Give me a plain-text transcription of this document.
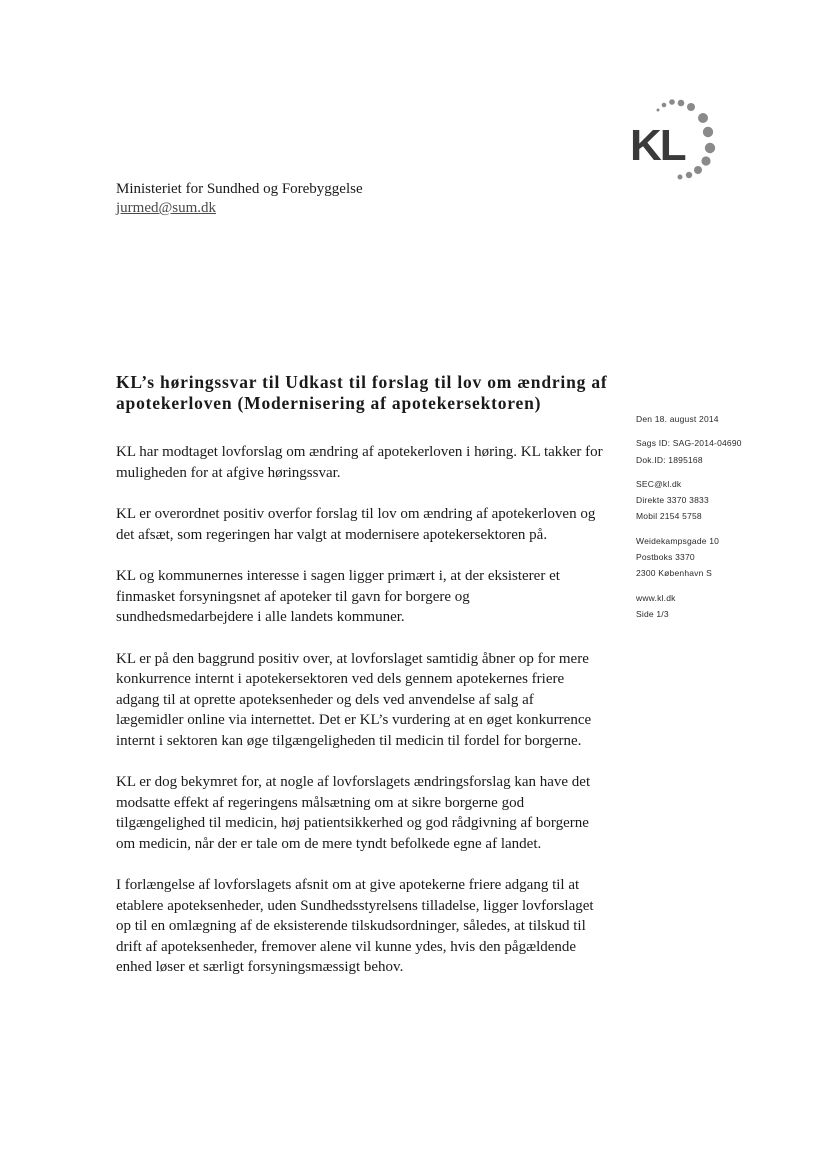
KL
Ministeriet for Sundhed og Forebyggelse
jurmed@sum.dk
KL’s høringssvar til Udkast til forslag til lov om ændring af apotekerloven (Modernisering af apotekersektoren)

KL har modtaget lovforslag om ændring af apotekerloven i høring. KL takker for muligheden for at afgive høringssvar.

KL er overordnet positiv overfor forslag til lov om ændring af apotekerloven og det afsæt, som regeringen har valgt at modernisere apotekersektoren på.

KL og kommunernes interesse i sagen ligger primært i, at der eksisterer et finmasket forsyningsnet af apoteker til gavn for borgere og sundhedsmedarbejdere i alle landets kommuner.

KL er på den baggrund positiv over, at lovforslaget samtidig åbner op for mere konkurrence internt i apotekersektoren ved dels gennem apotekernes friere adgang til at oprette apoteksenheder og dels ved anvendelse af salg af lægemidler online via internettet. Det er KL’s vurdering at en øget konkurrence internt i sektoren kan øge tilgængeligheden til medicin til fordel for borgerne.

KL er dog bekymret for, at nogle af lovforslagets ændringsforslag kan have det modsatte effekt af regeringens målsætning om at sikre borgerne god tilgængelighed til medicin, høj patientsikkerhed og god rådgivning af borgerne om medicin, når der er tale om de mere tyndt befolkede egne af landet.

I forlængelse af lovforslagets afsnit om at give apotekerne friere adgang til at etablere apoteksenheder, uden Sundhedsstyrelsens tilladelse, ligger lovforslaget op til en omlægning af de eksisterende tilskudsordninger, således, at tilskud til drift af apoteksenheder, fremover alene vil kunne ydes, hvis den pågældende enhed løser et særligt forsyningsmæssigt behov.

Den 18. august 2014
Sags ID: SAG-2014-04690
Dok.ID: 1895168
SEC@kl.dk
Direkte 3370 3833
Mobil 2154 5758
Weidekampsgade 10
Postboks 3370
2300 København S
www.kl.dk
Side 1/3
